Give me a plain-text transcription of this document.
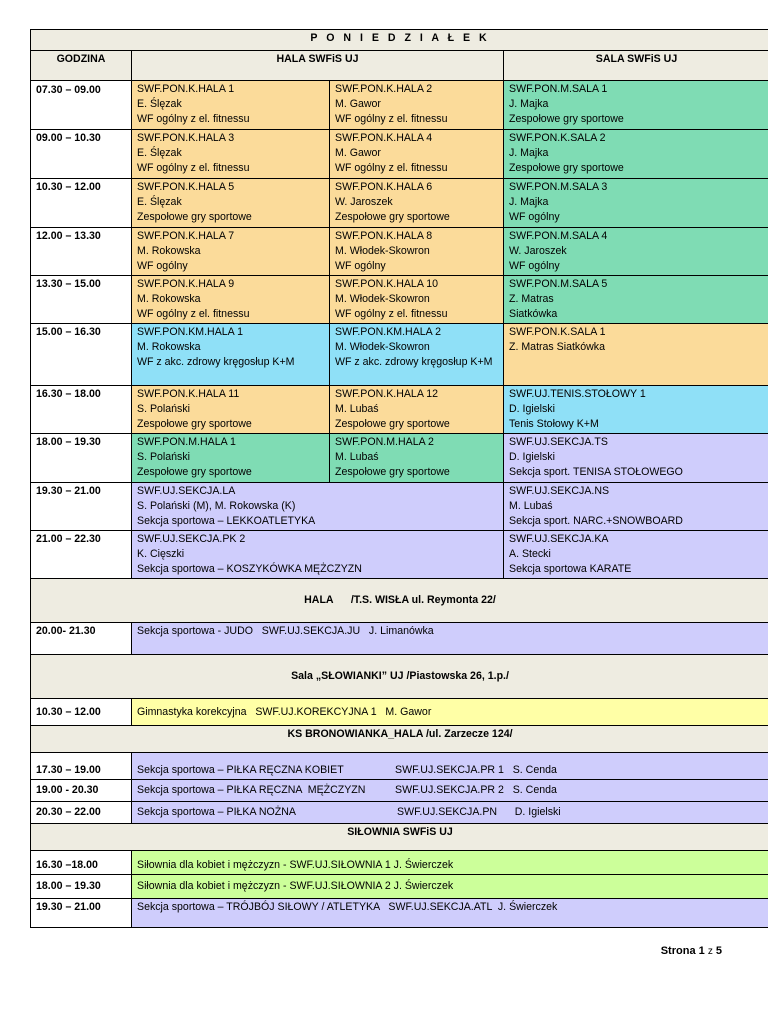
P O N I E D Z I A Ł E K			
GODZINA	HALA SWFiS UJ		SALA SWFiS UJ
07.30 – 09.00	SWF.PON.K.HALA 1
E. Ślęzak
WF ogólny z el. fitnessu	SWF.PON.K.HALA 2
M. Gawor
WF ogólny z el. fitnessu	SWF.PON.M.SALA 1
J. Majka
Zespołowe gry sportowe

09.00 – 10.30	SWF.PON.K.HALA 3
E. Ślęzak
WF ogólny z el. fitnessu	SWF.PON.K.HALA 4
M. Gawor
WF ogólny z el. fitnessu	SWF.PON.K.SALA 2
J. Majka
Zespołowe gry sportowe

10.30 – 12.00	SWF.PON.K.HALA 5
E. Ślęzak
Zespołowe gry sportowe	SWF.PON.K.HALA 6
W. Jaroszek
Zespołowe gry sportowe	SWF.PON.M.SALA 3
J. Majka
WF ogólny

12.00 – 13.30	SWF.PON.K.HALA 7
M. Rokowska
WF ogólny	SWF.PON.K.HALA 8
M. Włodek-Skowron
WF ogólny	SWF.PON.M.SALA 4
W. Jaroszek
WF ogólny

13.30 – 15.00	SWF.PON.K.HALA 9
M. Rokowska
WF ogólny z el. fitnessu	SWF.PON.K.HALA 10
M. Włodek-Skowron
WF ogólny z el. fitnessu	SWF.PON.M.SALA 5
Z. Matras
Siatkówka

15.00 – 16.30	SWF.PON.KM.HALA 1
M. Rokowska
WF z akc. zdrowy kręgosłup K+M	SWF.PON.KM.HALA 2
M. Włodek-Skowron
WF z akc. zdrowy kręgosłup K+M	SWF.PON.K.SALA 1
Z. Matras Siatkówka

16.30 – 18.00	SWF.PON.K.HALA 11
S. Polański
Zespołowe gry sportowe	SWF.PON.K.HALA 12
M. Lubaś
Zespołowe gry sportowe	SWF.UJ.TENIS.STOŁOWY 1
D. Igielski
Tenis Stołowy K+M

18.00 – 19.30	SWF.PON.M.HALA 1
S. Polański
Zespołowe gry sportowe	SWF.PON.M.HALA 2
M. Lubaś
Zespołowe gry sportowe	SWF.UJ.SEKCJA.TS
D. Igielski
Sekcja sport. TENISA STOŁOWEGO

19.30 – 21.00	SWF.UJ.SEKCJA.LA
S. Polański (M), M. Rokowska (K)
Sekcja sportowa – LEKKOATLETYKA		SWF.UJ.SEKCJA.NS
M. Lubaś
Sekcja sport. NARC.+SNOWBOARD

21.00 – 22.30	SWF.UJ.SEKCJA.PK 2
K. Cięszki
Sekcja sportowa – KOSZYKÓWKA MĘŻCZYZN		SWF.UJ.SEKCJA.KA
A. Stecki
Sekcja sportowa KARATE

HALA      /T.S. WISŁA ul. Reymonta 22/			
20.00- 21.30	Sekcja sportowa - JUDO   SWF.UJ.SEKCJA.JU   J. Limanówka		
Sala „SŁOWIANKI” UJ /Piastowska 26, 1.p./			
10.30 – 12.00	Gimnastyka korekcyjna   SWF.UJ.KOREKCYJNA 1   M. Gawor		
KS BRONOWIANKA_HALA /ul. Zarzecze 124/			
17.30 – 19.00	Sekcja sportowa – PIŁKA RĘCZNA KOBIET SWF.UJ.SEKCJA.PR 1   S. Cenda		
19.00 - 20.30	Sekcja sportowa – PIŁKA RĘCZNA  MĘŻCZYZN SWF.UJ.SEKCJA.PR 2   S. Cenda		
20.30 – 22.00	Sekcja sportowa – PIŁKA NOŻNA SWF.UJ.SEKCJA.PN      D. Igielski		
SIŁOWNIA SWFiS UJ			
16.30 –18.00	Siłownia dla kobiet i mężczyzn - SWF.UJ.SIŁOWNIA 1 J. Świerczek		
18.00 – 19.30	Siłownia dla kobiet i mężczyzn - SWF.UJ.SIŁOWNIA 2 J. Świerczek		
19.30 – 21.00	Sekcja sportowa – TRÓJBÓJ SIŁOWY / ATLETYKA   SWF.UJ.SEKCJA.ATL  J. Świerczek		
Strona 1 z 5
